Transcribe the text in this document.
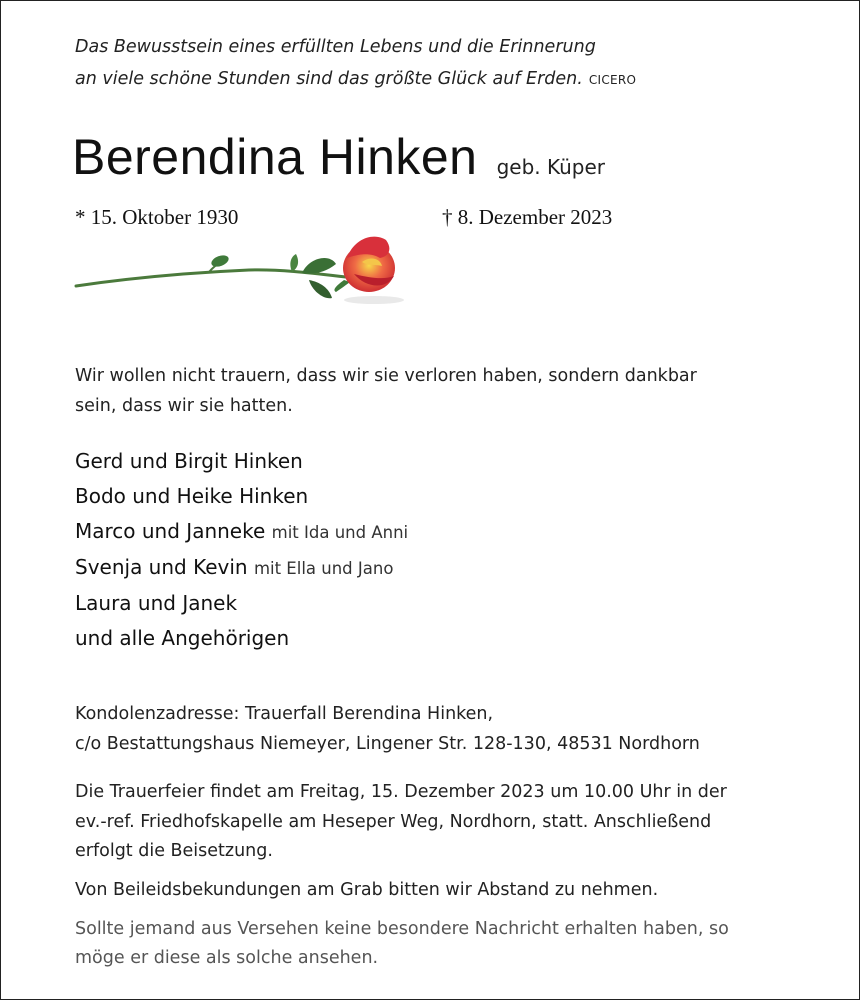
Das Bewusstsein eines erfüllten Lebens und die Erinnerung
an viele schöne Stunden sind das größte Glück auf Erden. CICERO
Berendina Hinken geb. Küper
* 15. Oktober 1930	† 8. Dezember 2023
Wir wollen nicht trauern, dass wir sie verloren haben, sondern dankbar
sein, dass wir sie hatten.
Gerd und Birgit Hinken
Bodo und Heike Hinken
Marco und Janneke mit Ida und Anni
Svenja und Kevin mit Ella und Jano
Laura und Janek
und alle Angehörigen
Kondolenzadresse: Trauerfall Berendina Hinken,
c/o Bestattungshaus Niemeyer, Lingener Str. 128-130, 48531 Nordhorn
Die Trauerfeier findet am Freitag, 15. Dezember 2023 um 10.00 Uhr in der
ev.-ref. Friedhofskapelle am Heseper Weg, Nordhorn, statt. Anschließend
erfolgt die Beisetzung.
Von Beileidsbekundungen am Grab bitten wir Abstand zu nehmen.
Sollte jemand aus Versehen keine besondere Nachricht erhalten haben, so
möge er diese als solche ansehen.
